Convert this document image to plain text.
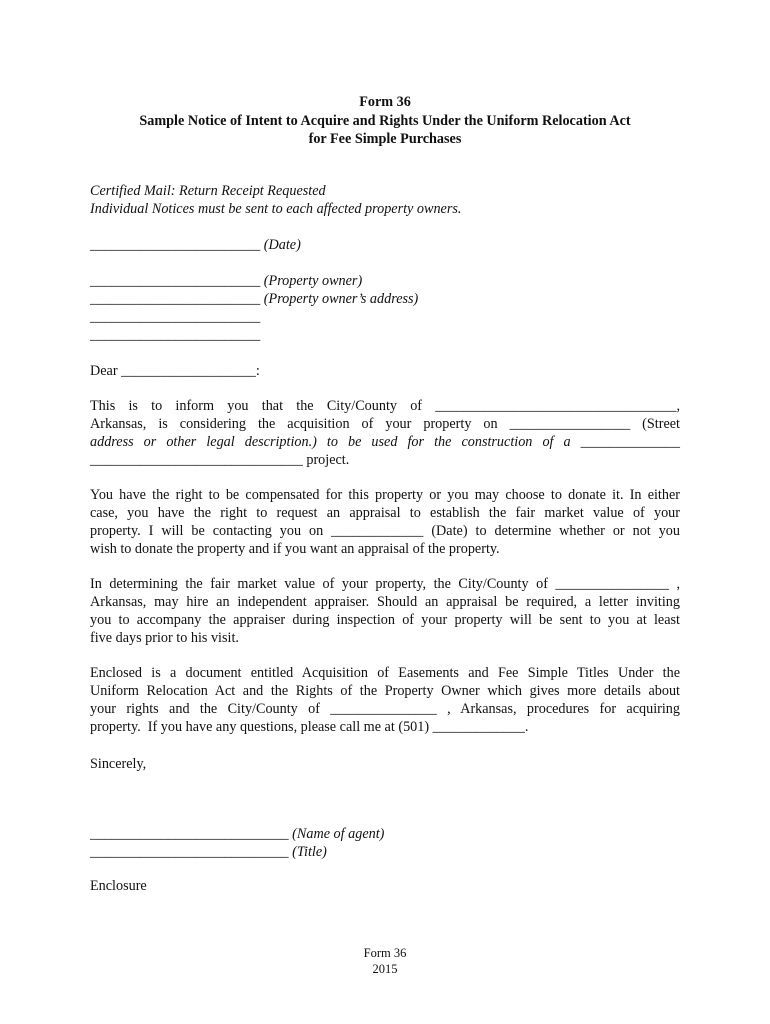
Form 36
Sample Notice of Intent to Acquire and Rights Under the Uniform Relocation Act
for Fee Simple Purchases
Certified Mail: Return Receipt Requested
Individual Notices must be sent to each affected property owners.
________________________ (Date)
________________________ (Property owner)
________________________ (Property owner’s address)
________________________
________________________
Dear ___________________:
This is to inform you that the City/County of __________________________________,
Arkansas, is considering the acquisition of your property on _________________ (Street
address or other legal description.) to be used for the construction of a ______________
______________________________ project.
You have the right to be compensated for this property or you may choose to donate it. In either
case, you have the right to request an appraisal to establish the fair market value of your
property. I will be contacting you on _____________ (Date) to determine whether or not you
wish to donate the property and if you want an appraisal of the property.
In determining the fair market value of your property, the City/County of ________________ ,
Arkansas, may hire an independent appraiser. Should an appraisal be required, a letter inviting
you to accompany the appraiser during inspection of your property will be sent to you at least
five days prior to his visit.
Enclosed is a document entitled Acquisition of Easements and Fee Simple Titles Under the
Uniform Relocation Act and the Rights of the Property Owner which gives more details about
your rights and the City/County of _______________ , Arkansas, procedures for acquiring
property.  If you have any questions, please call me at (501) _____________.
Sincerely,
____________________________ (Name of agent)
____________________________ (Title)
Enclosure
Form 36
2015
